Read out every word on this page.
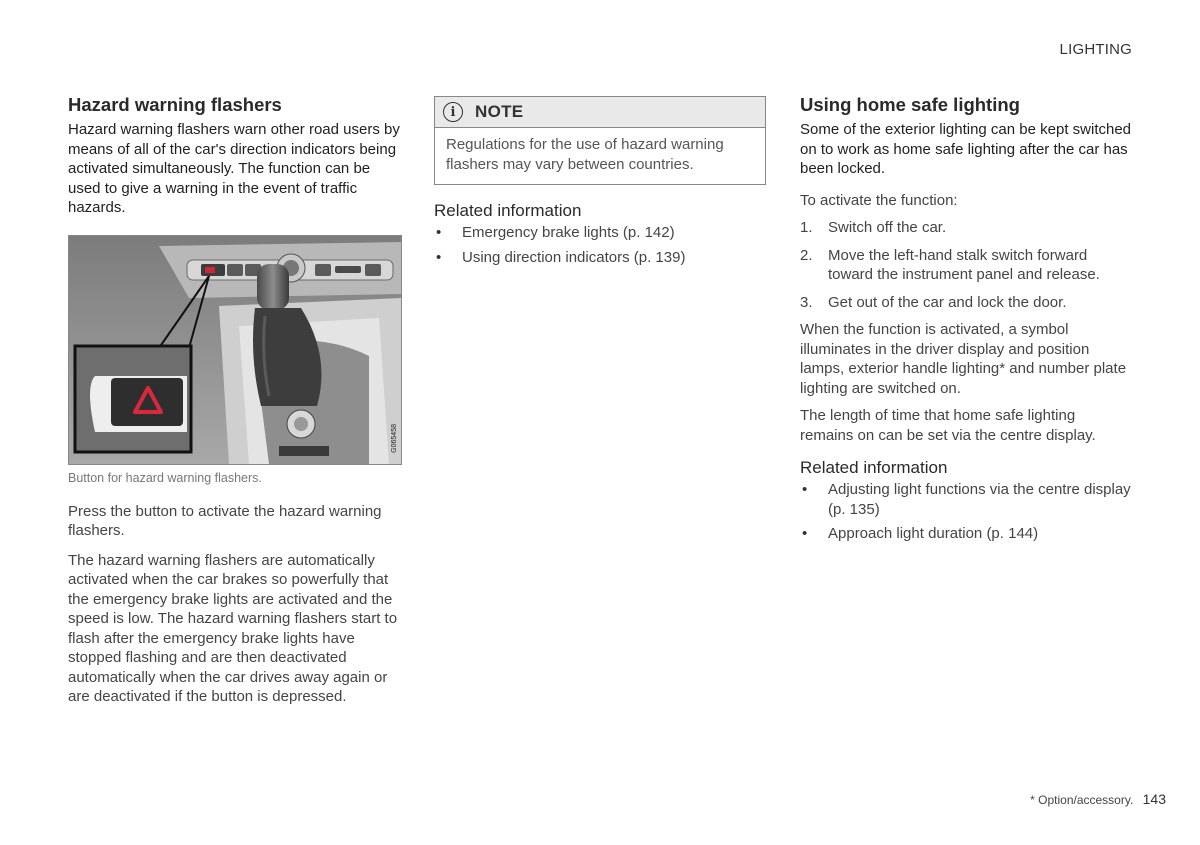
LIGHTING
Hazard warning flashers

Hazard warning flashers warn other road users by means of all of the car's direction indicators being activated simultaneously. The function can be used to give a warning in the event of traffic hazards.

G065458
Button for hazard warning flashers.

Press the button to activate the hazard warning flashers.

The hazard warning flashers are automatically activated when the car brakes so powerfully that the emergency brake lights are activated and the speed is low. The hazard warning flashers start to flash after the emergency brake lights have stopped flashing and are then deactivated automatically when the car drives away again or are deactivated if the button is depressed.

i	NOTE
Regulations for the use of hazard warning flashers may vary between countries.
Related information
• Emergency brake lights (p. 142)
• Using direction indicators (p. 139)
Using home safe lighting

Some of the exterior lighting can be kept switched on to work as home safe lighting after the car has been locked.

To activate the function:

1. Switch off the car.
2. Move the left-hand stalk switch forward toward the instrument panel and release.
3. Get out of the car and lock the door.

When the function is activated, a symbol illuminates in the driver display and position lamps, exterior handle lighting* and number plate lighting are switched on.

The length of time that home safe lighting remains on can be set via the centre display.

Related information
• Adjusting light functions via the centre display (p. 135)
• Approach light duration (p. 144)
* Option/accessory. 143
